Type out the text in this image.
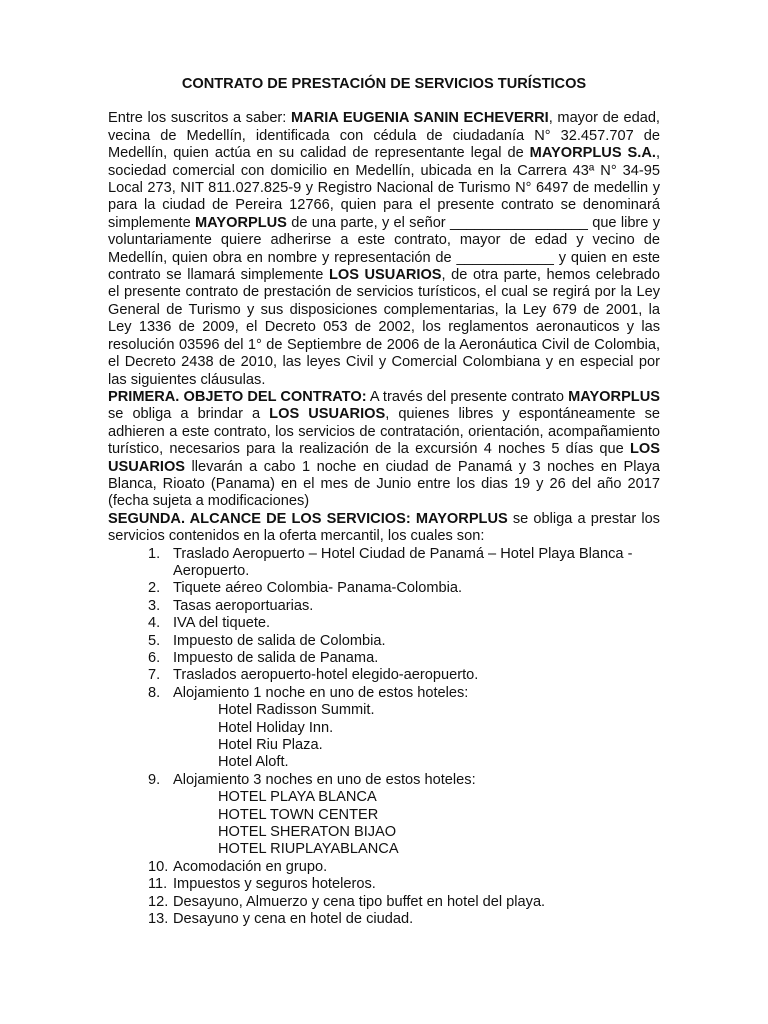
CONTRATO DE PRESTACIÓN DE SERVICIOS TURÍSTICOS

Entre los suscritos a saber: MARIA EUGENIA SANIN ECHEVERRI, mayor de edad, vecina de Medellín, identificada con cédula de ciudadanía N° 32.457.707 de Medellín, quien actúa en su calidad de representante legal de MAYORPLUS S.A., sociedad comercial con domicilio en Medellín, ubicada en la Carrera 43ª N° 34-95 Local 273, NIT 811.027.825-9 y Registro Nacional de Turismo N° 6497 de medellin y para la ciudad de Pereira 12766, quien para el presente contrato se denominará simplemente MAYORPLUS de una parte, y el señor _________________ que libre y voluntariamente quiere adherirse a este contrato, mayor de edad y vecino de Medellín, quien obra en nombre y representación de ____________ y quien en este contrato se llamará simplemente LOS USUARIOS, de otra parte, hemos celebrado el presente contrato de prestación de servicios turísticos, el cual se regirá por la Ley General de Turismo y sus disposiciones complementarias, la Ley 679 de 2001, la Ley 1336 de 2009, el Decreto 053 de 2002, los reglamentos aeronauticos y las resolución 03596 del 1° de Septiembre de 2006 de la Aeronáutica Civil de Colombia, el Decreto 2438 de 2010, las leyes Civil y Comercial Colombiana y en especial por las siguientes cláusulas.

PRIMERA. OBJETO DEL CONTRATO: A través del presente contrato MAYORPLUS se obliga a brindar a LOS USUARIOS, quienes libres y espontáneamente se adhieren a este contrato, los servicios de contratación, orientación, acompañamiento turístico, necesarios para la realización de la excursión 4 noches 5 días que LOS USUARIOS llevarán a cabo 1 noche en ciudad de Panamá y 3 noches en Playa Blanca, Rioato (Panama) en el mes de Junio entre los dias 19 y 26 del año 2017 (fecha sujeta a modificaciones)

SEGUNDA. ALCANCE DE LOS SERVICIOS: MAYORPLUS se obliga a prestar los servicios contenidos en la oferta mercantil, los cuales son:

1. Traslado Aeropuerto – Hotel Ciudad de Panamá – Hotel Playa Blanca - Aeropuerto.
2. Tiquete aéreo Colombia- Panama-Colombia.
3. Tasas aeroportuarias.
4. IVA del tiquete.
5. Impuesto de salida de Colombia.
6. Impuesto de salida de Panama.
7. Traslados aeropuerto-hotel elegido-aeropuerto.
8. Alojamiento 1 noche en uno de estos hoteles:
Hotel Radisson Summit.
Hotel Holiday Inn.
Hotel Riu Plaza.
Hotel Aloft.
9. Alojamiento 3 noches en uno de estos hoteles:
HOTEL PLAYA BLANCA
HOTEL TOWN CENTER
HOTEL SHERATON BIJAO
HOTEL RIUPLAYABLANCA
10. Acomodación en grupo.
11. Impuestos y seguros hoteleros.
12. Desayuno, Almuerzo y cena tipo buffet en hotel del playa.
13. Desayuno y cena en hotel de ciudad.
